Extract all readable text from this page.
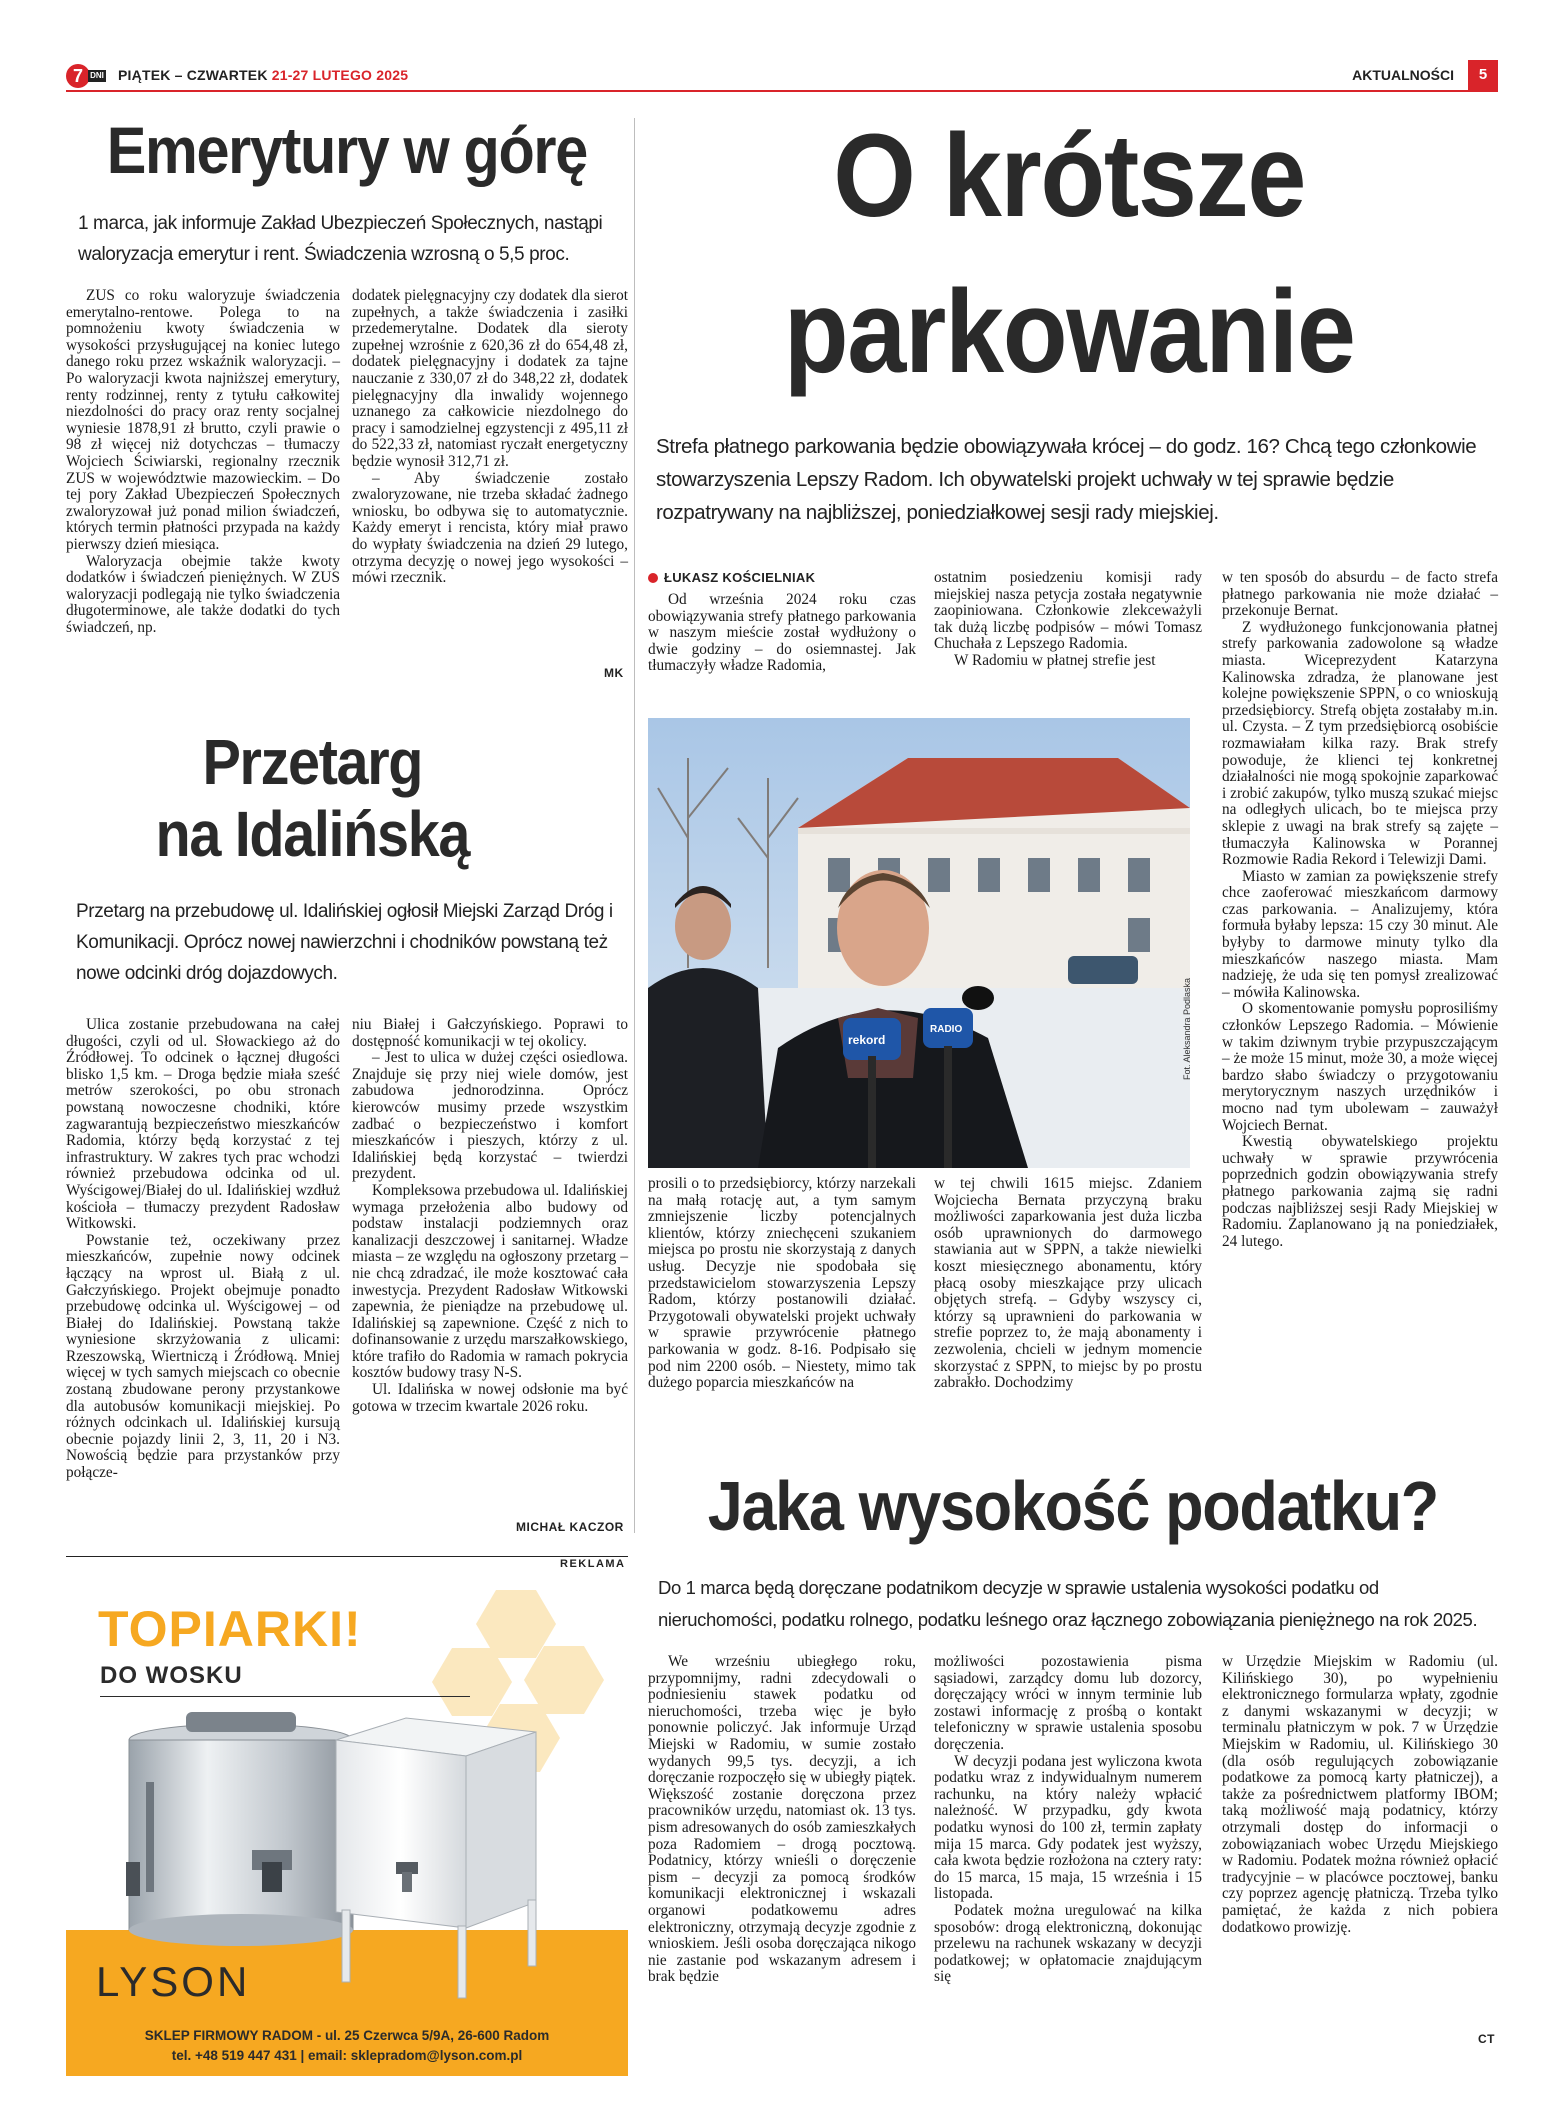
7 DNI PIĄTEK – CZWARTEK 21-27 LUTEGO 2025	AKTUALNOŚCI	5
Emerytury w górę
1 marca, jak informuje Zakład Ubezpieczeń Społecznych, nastąpi waloryzacja emerytur i rent. Świadczenia wzrosną o 5,5 proc.

ZUS co roku waloryzuje świadczenia emerytalno-rentowe. Polega to na pomnożeniu kwoty świadczenia w wysokości przysługującej na koniec lutego danego roku przez wskaźnik waloryzacji. – Po waloryzacji kwota najniższej emerytury, renty rodzinnej, renty z tytułu całkowitej niezdolności do pracy oraz renty socjalnej wyniesie 1878,91 zł brutto, czyli prawie o 98 zł więcej niż dotychczas – tłumaczy Wojciech Ściwiarski, regionalny rzecznik ZUS w województwie mazowieckim. – Do tej pory Zakład Ubezpieczeń Społecznych zwaloryzował już ponad milion świadczeń, których termin płatności przypada na każdy pierwszy dzień miesiąca.

Waloryzacja obejmie także kwoty dodatków i świadczeń pieniężnych. W ZUS waloryzacji podlegają nie tylko świadczenia długoterminowe, ale także dodatki do tych świadczeń, np.

dodatek pielęgnacyjny czy dodatek dla sierot zupełnych, a także świadczenia i zasiłki przedemerytalne. Dodatek dla sieroty zupełnej wzrośnie z 620,36 zł do 654,48 zł, dodatek pielęgnacyjny i dodatek za tajne nauczanie z 330,07 zł do 348,22 zł, dodatek pielęgnacyjny dla inwalidy wojennego uznanego za całkowicie niezdolnego do pracy i samodzielnej egzystencji z 495,11 zł do 522,33 zł, natomiast ryczałt energetyczny będzie wynosił 312,71 zł.

– Aby świadczenie zostało zwaloryzowane, nie trzeba składać żadnego wniosku, bo odbywa się to automatycznie. Każdy emeryt i rencista, który miał prawo do wypłaty świadczenia na dzień 29 lutego, otrzyma decyzję o nowej jego wysokości – mówi rzecznik.

MK
Przetarg
na Idalińską
Przetarg na przebudowę ul. Idalińskiej ogłosił Miejski Zarząd Dróg i Komunikacji. Oprócz nowej nawierzchni i chodników powstaną też nowe odcinki dróg dojazdowych.

Ulica zostanie przebudowana na całej długości, czyli od ul. Słowackiego aż do Źródłowej. To odcinek o łącznej długości blisko 1,5 km. – Droga będzie miała sześć metrów szerokości, po obu stronach powstaną nowoczesne chodniki, które zagwarantują bezpieczeństwo mieszkańców Radomia, którzy będą korzystać z tej infrastruktury. W zakres tych prac wchodzi również przebudowa odcinka od ul. Wyścigowej/Białej do ul. Idalińskiej wzdłuż kościoła – tłumaczy prezydent Radosław Witkowski.

Powstanie też, oczekiwany przez mieszkańców, zupełnie nowy odcinek łączący na wprost ul. Białą z ul. Gałczyńskiego. Projekt obejmuje ponadto przebudowę odcinka ul. Wyścigowej – od Białej do Idalińskiej. Powstaną także wyniesione skrzyżowania z ulicami: Rzeszowską, Wiertniczą i Źródłową. Mniej więcej w tych samych miejscach co obecnie zostaną zbudowane perony przystankowe dla autobusów komunikacji miejskiej. Po różnych odcinkach ul. Idalińskiej kursują obecnie pojazdy linii 2, 3, 11, 20 i N3. Nowością będzie para przystanków przy połącze-

niu Białej i Gałczyńskiego. Poprawi to dostępność komunikacji w tej okolicy.

– Jest to ulica w dużej części osiedlowa. Znajduje się przy niej wiele domów, jest zabudowa jednorodzinna. Oprócz kierowców musimy przede wszystkim zadbać o bezpieczeństwo i komfort mieszkańców i pieszych, którzy z ul. Idalińskiej będą korzystać – twierdzi prezydent.

Kompleksowa przebudowa ul. Idalińskiej wymaga przełożenia albo budowy od podstaw instalacji podziemnych oraz kanalizacji deszczowej i sanitarnej. Władze miasta – ze względu na ogłoszony przetarg – nie chcą zdradzać, ile może kosztować cała inwestycja. Prezydent Radosław Witkowski zapewnia, że pieniądze na przebudowę ul. Idalińskiej są zapewnione. Część z nich to dofinansowanie z urzędu marszałkowskiego, które trafiło do Radomia w ramach pokrycia kosztów budowy trasy N-S.

Ul. Idalińska w nowej odsłonie ma być gotowa w trzecim kwartale 2026 roku.

MICHAŁ KACZOR
REKLAMA
TOPIARKI!
DO WOSKU
LYSON
SKLEP FIRMOWY RADOM - ul. 25 Czerwca 5/9A, 26-600 Radom
tel. +48 519 447 431 | email: sklepradom@lyson.com.pl
O krótsze
parkowanie
Strefa płatnego parkowania będzie obowiązywała krócej – do godz. 16? Chcą tego członkowie stowarzyszenia Lepszy Radom. Ich obywatelski projekt uchwały w tej sprawie będzie rozpatrywany na najbliższej, poniedziałkowej sesji rady miejskiej.
ŁUKASZ KOŚCIELNIAK

Od września 2024 roku czas obowiązywania strefy płatnego parkowania w naszym mieście został wydłużony o dwie godziny – do osiemnastej. Jak tłumaczyły władze Radomia,

ostatnim posiedzeniu komisji rady miejskiej nasza petycja została negatywnie zaopiniowana. Członkowie zlekceważyli tak dużą liczbę podpisów – mówi Tomasz Chuchała z Lepszego Radomia.

W Radomiu w płatnej strefie jest

rekord
RADIO	Fot. Aleksandra Podlaska

prosili o to przedsiębiorcy, którzy narzekali na małą rotację aut, a tym samym zmniejszenie liczby potencjalnych klientów, którzy zniechęceni szukaniem miejsca po prostu nie skorzystają z danych usług. Decyzje nie spodobała się przedstawicielom stowarzyszenia Lepszy Radom, którzy postanowili działać. Przygotowali obywatelski projekt uchwały w sprawie przywrócenie płatnego parkowania w godz. 8-16. Podpisało się pod nim 2200 osób. – Niestety, mimo tak dużego poparcia mieszkańców na

w tej chwili 1615 miejsc. Zdaniem Wojciecha Bernata przyczyną braku możliwości zaparkowania jest duża liczba osób uprawnionych do darmowego stawiania aut w SPPN, a także niewielki koszt miesięcznego abonamentu, który płacą osoby mieszkające przy ulicach objętych strefą. – Gdyby wszyscy ci, którzy są uprawnieni do parkowania w strefie poprzez to, że mają abonamenty i zezwolenia, chcieli w jednym momencie skorzystać z SPPN, to miejsc by po prostu zabrakło. Dochodzimy

w ten sposób do absurdu – de facto strefa płatnego parkowania nie może działać – przekonuje Bernat.

Z wydłużonego funkcjonowania płatnej strefy parkowania zadowolone są władze miasta. Wiceprezydent Katarzyna Kalinowska zdradza, że planowane jest kolejne powiększenie SPPN, o co wnioskują przedsiębiorcy. Strefą objęta zostałaby m.in. ul. Czysta. – Z tym przedsiębiorcą osobiście rozmawiałam kilka razy. Brak strefy powoduje, że klienci tej konkretnej działalności nie mogą spokojnie zaparkować i zrobić zakupów, tylko muszą szukać miejsc na odległych ulicach, bo te miejsca przy sklepie z uwagi na brak strefy są zajęte – tłumaczyła Kalinowska w Porannej Rozmowie Radia Rekord i Telewizji Dami.

Miasto w zamian za powiększenie strefy chce zaoferować mieszkańcom darmowy czas parkowania. – Analizujemy, która formuła byłaby lepsza: 15 czy 30 minut. Ale byłyby to darmowe minuty tylko dla mieszkańców naszego miasta. Mam nadzieję, że uda się ten pomysł zrealizować – mówiła Kalinowska.

O skomentowanie pomysłu poprosiliśmy członków Lepszego Radomia. – Mówienie w takim dziwnym trybie przypuszczającym – że może 15 minut, może 30, a może więcej bardzo słabo świadczy o przygotowaniu merytorycznym naszych urzędników i mocno nad tym ubolewam – zauważył Wojciech Bernat.

Kwestią obywatelskiego projektu uchwały w sprawie przywrócenia poprzednich godzin obowiązywania strefy płatnego parkowania zajmą się radni podczas najbliższej sesji Rady Miejskiej w Radomiu. Zaplanowano ją na poniedziałek, 24 lutego.

Jaka wysokość podatku?
Do 1 marca będą doręczane podatnikom decyzje w sprawie ustalenia wysokości podatku od nieruchomości, podatku rolnego, podatku leśnego oraz łącznego zobowiązania pieniężnego na rok 2025.

We wrześniu ubiegłego roku, przypomnijmy, radni zdecydowali o podniesieniu stawek podatku od nieruchomości, trzeba więc je było ponownie policzyć. Jak informuje Urząd Miejski w Radomiu, w sumie zostało wydanych 99,5 tys. decyzji, a ich doręczanie rozpoczęło się w ubiegły piątek. Większość zostanie doręczona przez pracowników urzędu, natomiast ok. 13 tys. pism adresowanych do osób zamieszkałych poza Radomiem – drogą pocztową. Podatnicy, którzy wnieśli o doręczenie pism – decyzji za pomocą środków komunikacji elektronicznej i wskazali organowi podatkowemu adres elektroniczny, otrzymają decyzje zgodnie z wnioskiem. Jeśli osoba doręczająca nikogo nie zastanie pod wskazanym adresem i brak będzie

możliwości pozostawienia pisma sąsiadowi, zarządcy domu lub dozorcy, doręczający wróci w innym terminie lub zostawi informację z prośbą o kontakt telefoniczny w sprawie ustalenia sposobu doręczenia.

W decyzji podana jest wyliczona kwota podatku wraz z indywidualnym numerem rachunku, na który należy wpłacić należność. W przypadku, gdy kwota podatku wynosi do 100 zł, termin zapłaty mija 15 marca. Gdy podatek jest wyższy, cała kwota będzie rozłożona na cztery raty: do 15 marca, 15 maja, 15 września i 15 listopada.

Podatek można uregulować na kilka sposobów: drogą elektroniczną, dokonując przelewu na rachunek wskazany w decyzji podatkowej; w opłatomacie znajdującym się

w Urzędzie Miejskim w Radomiu (ul. Kilińskiego 30), po wypełnieniu elektronicznego formularza wpłaty, zgodnie z danymi wskazanymi w decyzji; w terminalu płatniczym w pok. 7 w Urzędzie Miejskim w Radomiu, ul. Kilińskiego 30 (dla osób regulujących zobowiązanie podatkowe za pomocą karty płatniczej), a także za pośrednictwem platformy IBOM; taką możliwość mają podatnicy, którzy otrzymali dostęp do informacji o zobowiązaniach wobec Urzędu Miejskiego w Radomiu. Podatek można również opłacić tradycyjnie – w placówce pocztowej, banku czy poprzez agencję płatniczą. Trzeba tylko pamiętać, że każda z nich pobiera dodatkowo prowizję.

CT
